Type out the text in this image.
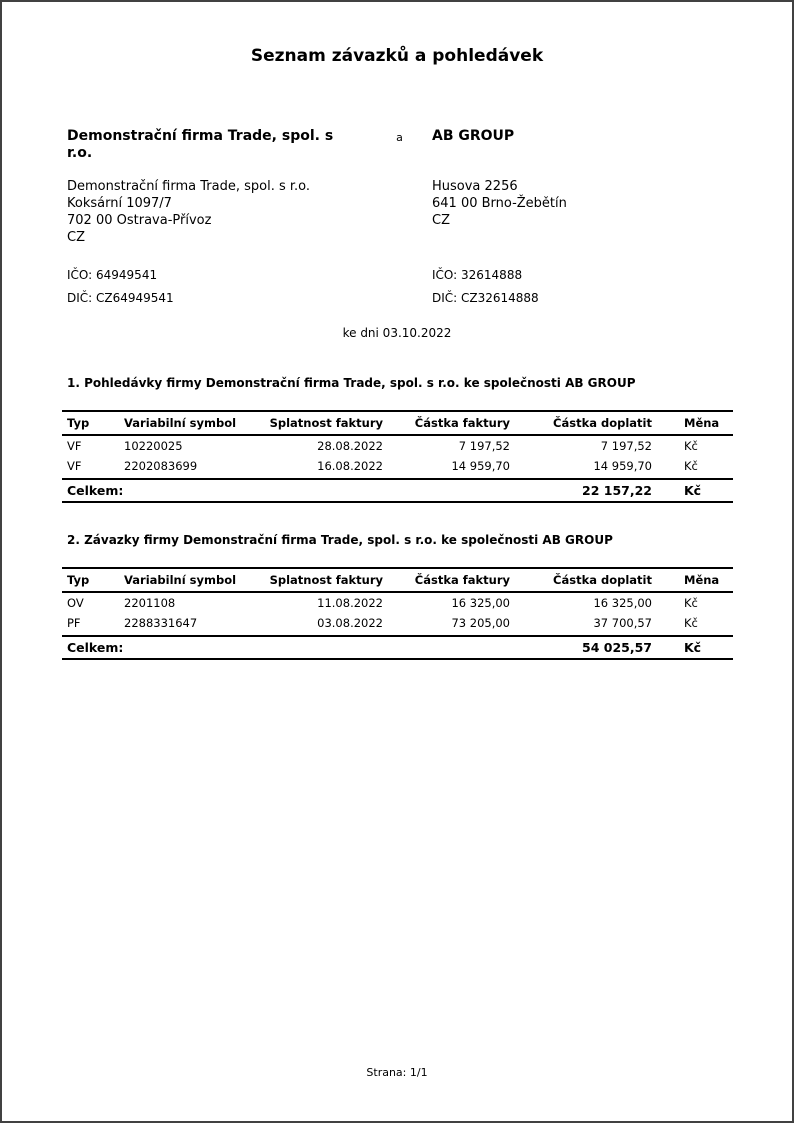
Seznam závazků a pohledávek
Demonstrační firma Trade, spol. s r.o.
a	AB GROUP
Demonstrační firma Trade, spol. s r.o.
Koksární 1097/7
702 00 Ostrava-Přívoz
CZ
Husova 2256
641 00 Brno-Žebětín
CZ
IČO: 64949541
DIČ: CZ64949541
IČO: 32614888
DIČ: CZ32614888
ke dni 03.10.2022
1. Pohledávky firmy Demonstrační firma Trade, spol. s r.o. ke společnosti AB GROUP
Typ	Variabilní symbol	Splatnost faktury	Částka faktury	Částka doplatit	Měna
VF	10220025	28.08.2022	7 197,52	7 197,52	Kč
VF	2202083699	16.08.2022	14 959,70	14 959,70	Kč
Celkem:				22 157,22	Kč
2. Závazky firmy Demonstrační firma Trade, spol. s r.o. ke společnosti AB GROUP
Typ	Variabilní symbol	Splatnost faktury	Částka faktury	Částka doplatit	Měna
OV	2201108	11.08.2022	16 325,00	16 325,00	Kč
PF	2288331647	03.08.2022	73 205,00	37 700,57	Kč
Celkem:				54 025,57	Kč
Strana: 1/1
